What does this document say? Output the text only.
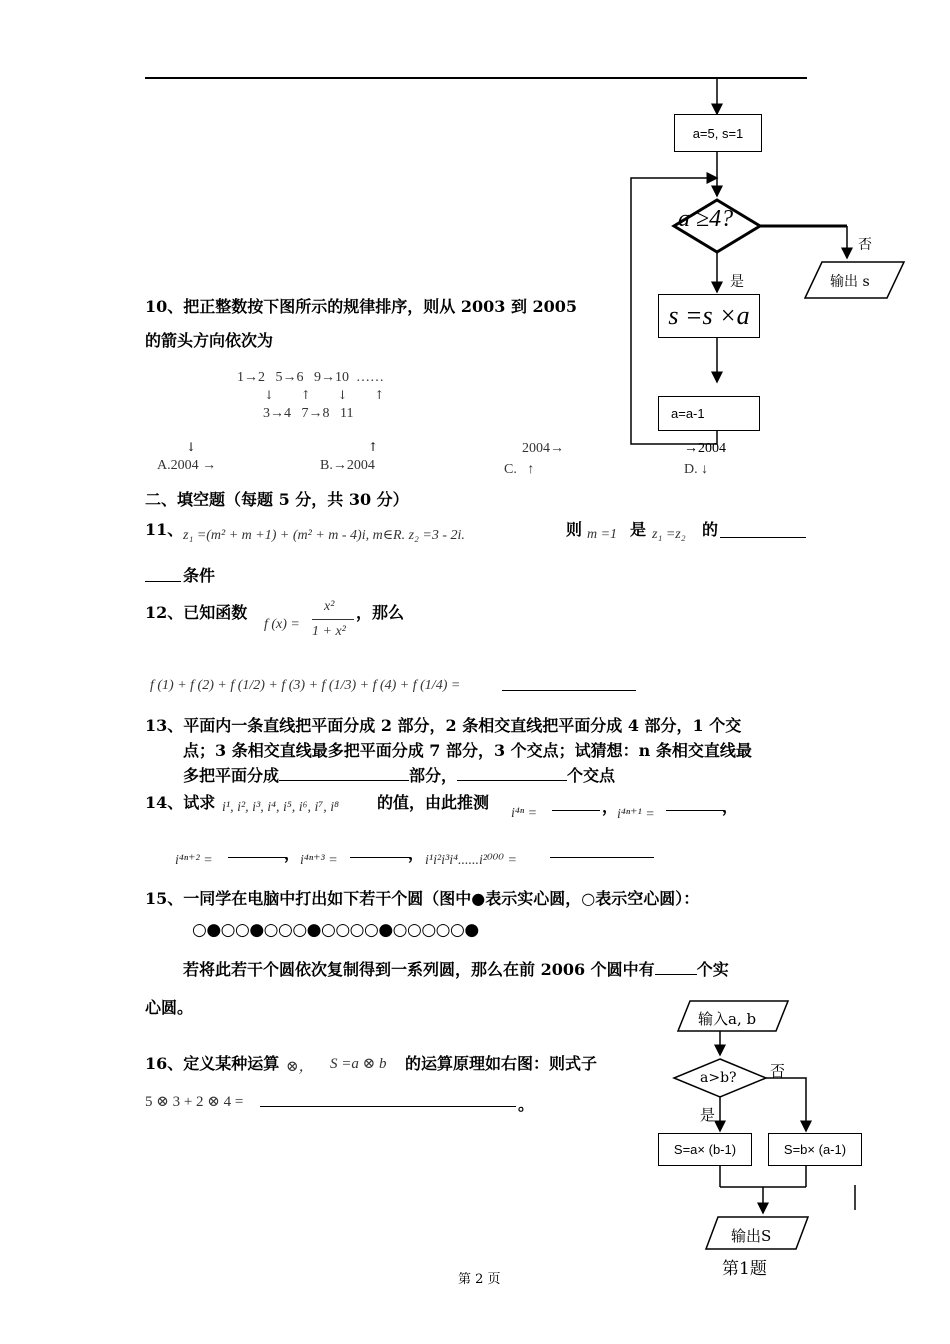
a=5, s=1
a ≥4?
否
输出 s
是
s =s ×a
a=a-1
→2004
10、把正整数按下图所示的规律排序，则从 2003 到 2005
的箭头方向依次为
1→2   5→6   9→10  ……
↓       ↑       ↓       ↑
3→4   7→8   11
↓
A.2004 →
↑
B.→2004
2004→
C.   ↑	D. ↓
二、填空题（每题 5 分，共 30 分）
11、 z₁ =(m² + m +1) + (m² + m - 4)i, m∈R. z₂ =3 - 2i.	则 m =1 是 z₁ =z₂ 的
条件
12、已知函数
f (x) =
x²
1 + x²
，那么
f (1) + f (2) + f (1/2) + f (3) + f (1/3) + f (4) + f (1/4) =
13、平面内一条直线把平面分成 2 部分，2 条相交直线把平面分成 4 部分，1 个交
点；3 条相交直线最多把平面分成 7 部分，3 个交点；试猜想：n 条相交直线最
多把平面分成	部分，	个交点
14、试求 i¹, i², i³, i⁴, i⁵, i⁶, i⁷, i⁸ 的值，由此推测
i⁴ⁿ =	，
i⁴ⁿ⁺¹ =	，
i⁴ⁿ⁺² =	， i⁴ⁿ⁺³ =	， i¹i²i³i⁴......i²⁰⁰⁰ =
15、一同学在电脑中打出如下若干个圆（图中●表示实心圆，○表示空心圆）：
○●○○●○○○●○○○○●○○○○○●
若将此若干个圆依次复制得到一系列圆，那么在前 2006 个圆中有	个实
心圆。
16、定义某种运算 ⊗， S =a ⊗ b 的运算原理如右图：则式子
5 ⊗ 3 + 2 ⊗ 4 =	。
输入a, b
a>b? 否
是
S=a× (b-1)	S=b× (a-1)
输出S
第1题
第 2 页
